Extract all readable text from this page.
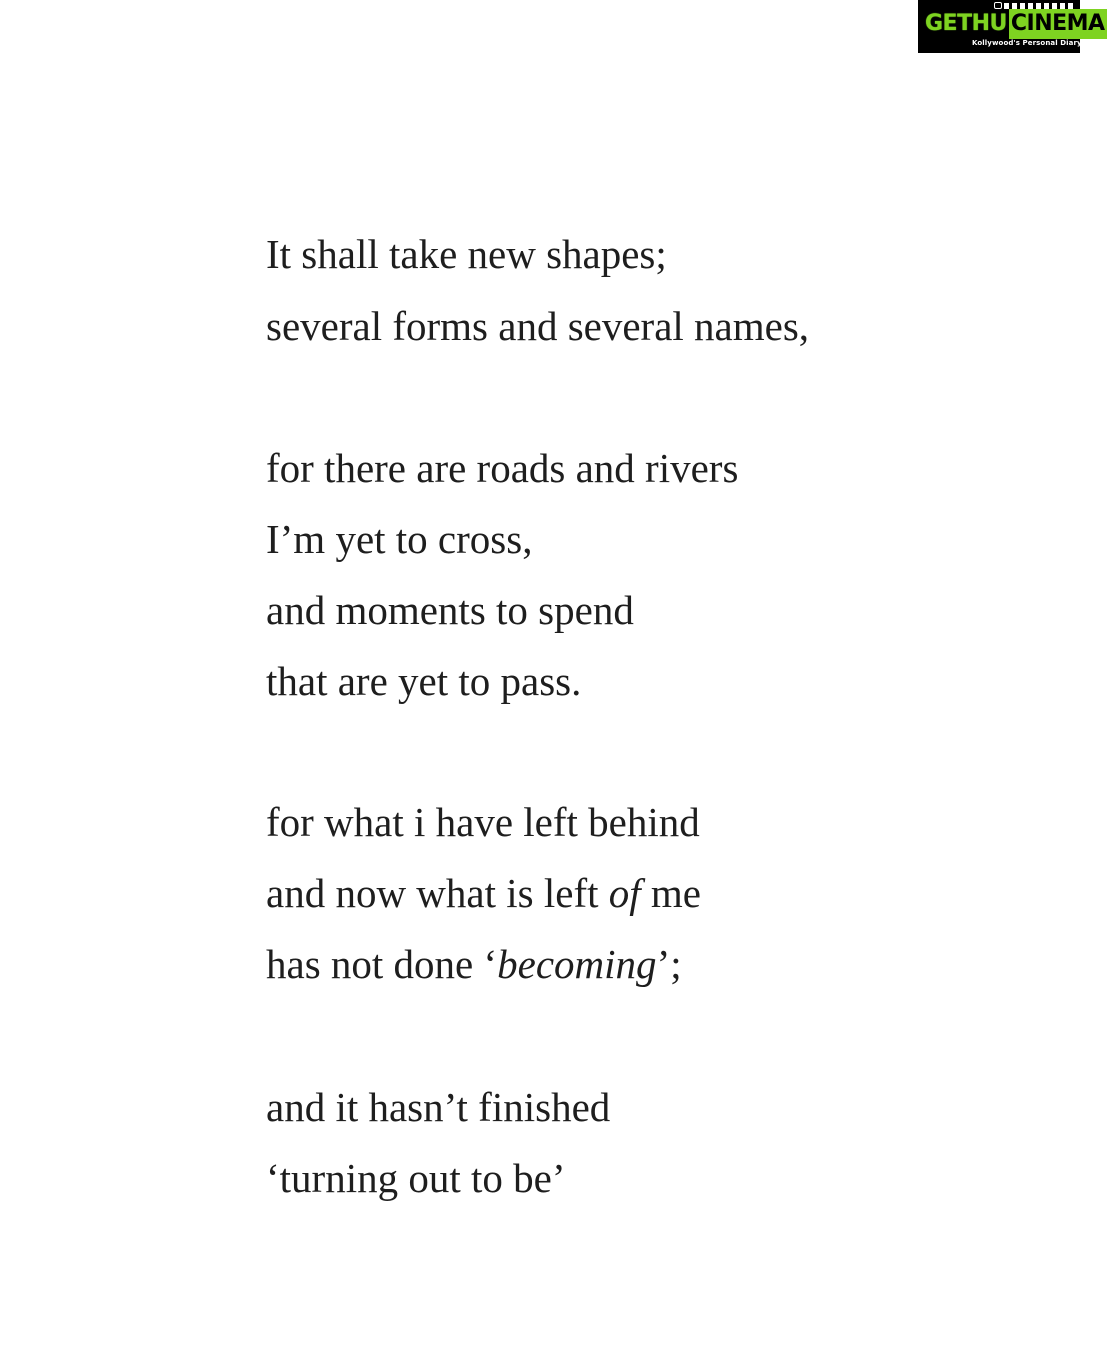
GETHU CINEMA
Kollywood's Personal Diary
It shall take new shapes;
several forms and several names,
for there are roads and rivers
I’m yet to cross,
and moments to spend
that are yet to pass.
for what i have left behind
and now what is left of me
has not done ‘becoming’;
and it hasn’t finished
‘turning out to be’
